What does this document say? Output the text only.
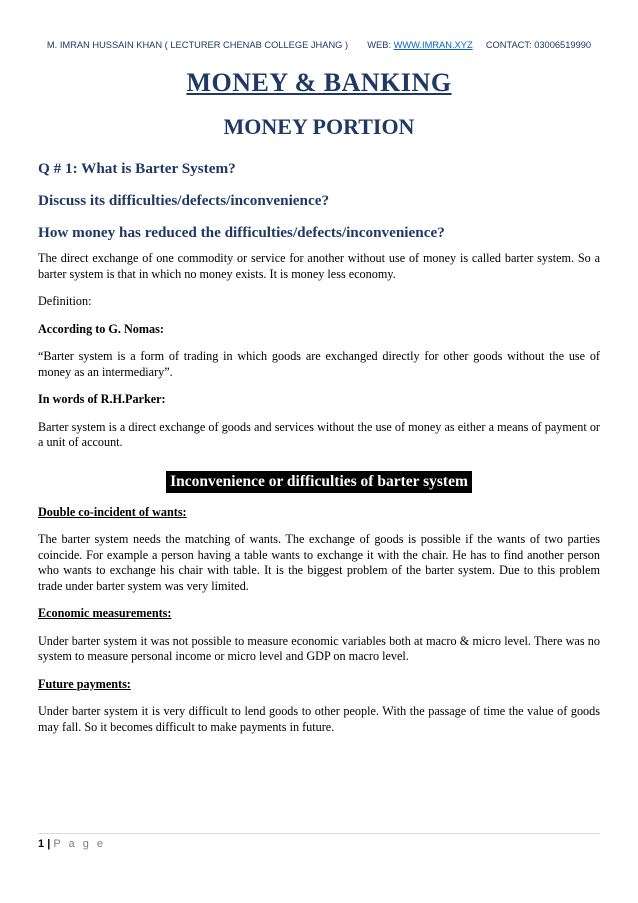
M. IMRAN HUSSAIN KHAN ( LECTURER CHENAB COLLEGE JHANG ) WEB: WWW.IMRAN.XYZ CONTACT: 03006519990
MONEY & BANKING
MONEY PORTION
Q # 1: What is Barter System?
Discuss its difficulties/defects/inconvenience?
How money has reduced the difficulties/defects/inconvenience?

The direct exchange of one commodity or service for another without use of money is called barter system. So a barter system is that in which no money exists. It is money less economy.

Definition:

According to G. Nomas:

“Barter system is a form of trading in which goods are exchanged directly for other goods without the use of money as an intermediary”.

In words of R.H.Parker:

Barter system is a direct exchange of goods and services without the use of money as either a means of payment or a unit of account.

Inconvenience or difficulties of barter system

Double co-incident of wants:

The barter system needs the matching of wants. The exchange of goods is possible if the wants of two parties coincide. For example a person having a table wants to exchange it with the chair. He has to find another person who wants to exchange his chair with table. It is the biggest problem of the barter system. Due to this problem trade under barter system was very limited.

Economic measurements:

Under barter system it was not possible to measure economic variables both at macro & micro level. There was no system to measure personal income or micro level and GDP on macro level.

Future payments:

Under barter system it is very difficult to lend goods to other people. With the passage of time the value of goods may fall. So it becomes difficult to make payments in future.

1 | P a g e
